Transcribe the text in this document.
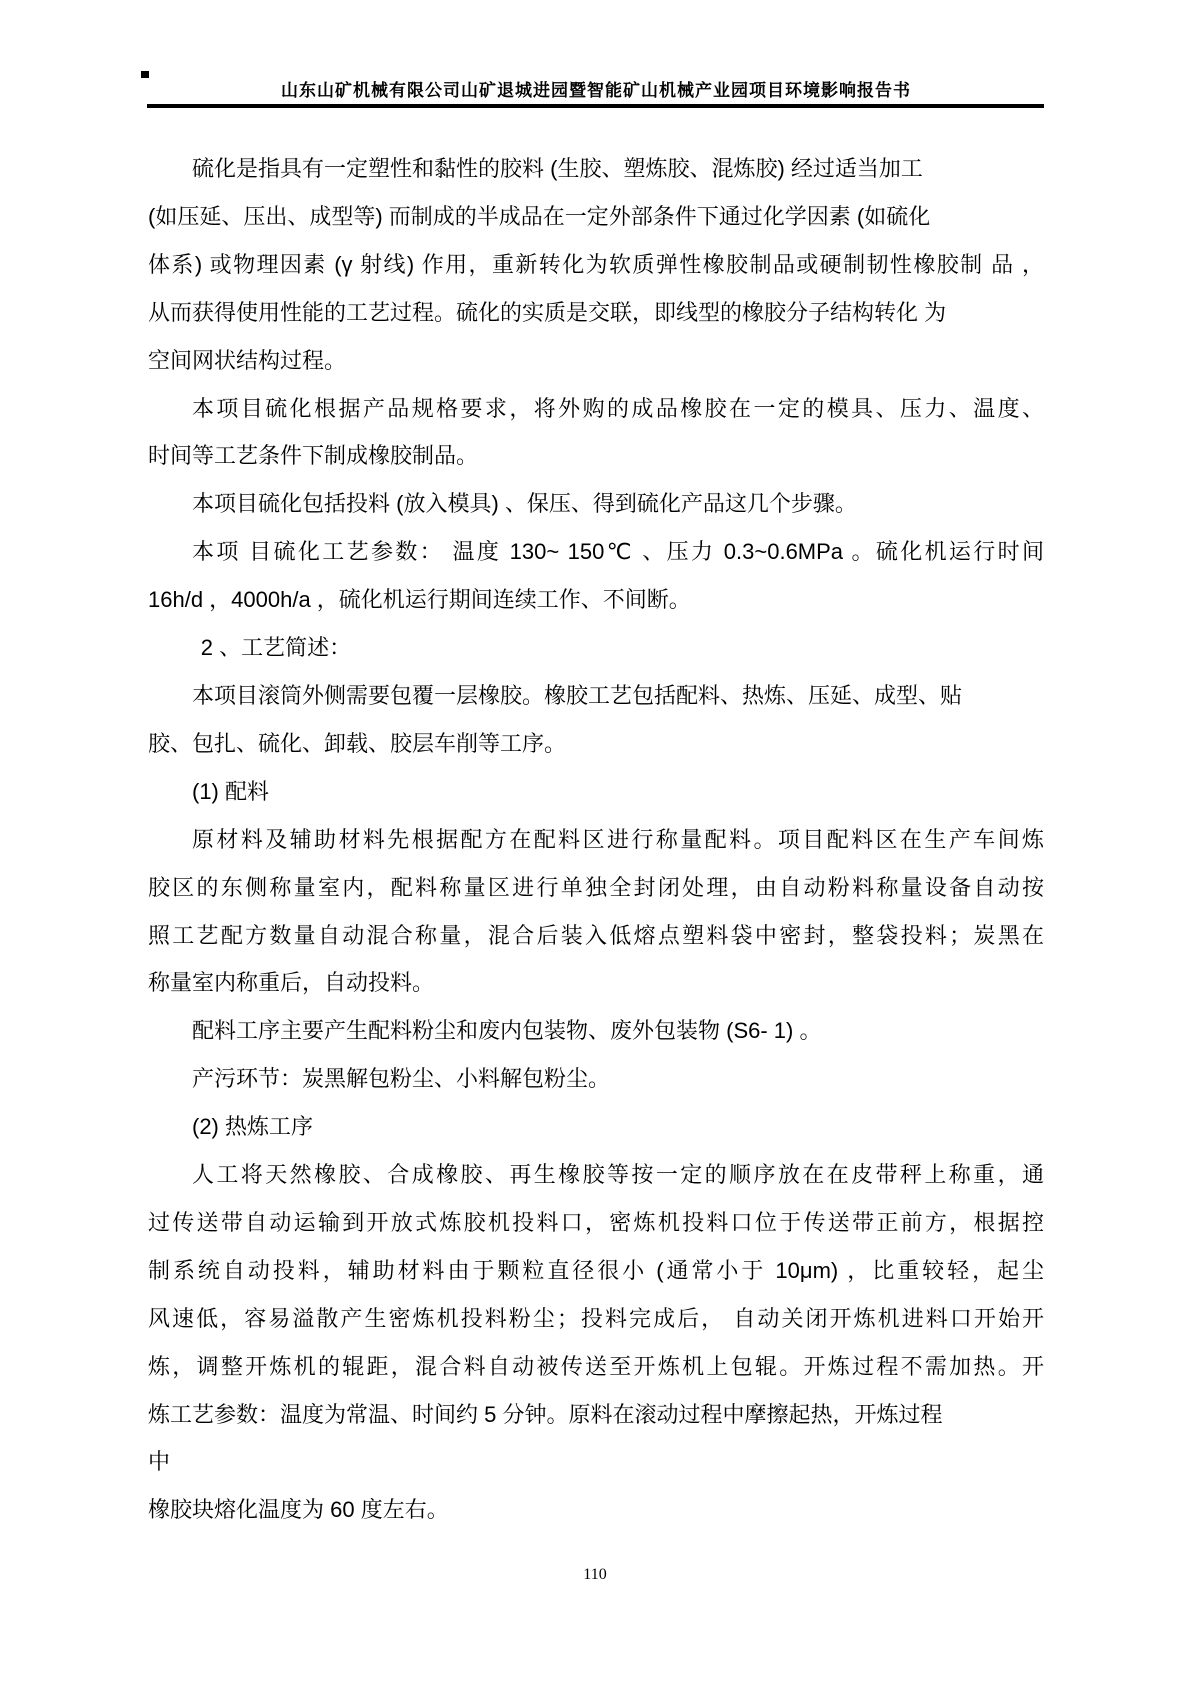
山东山矿机械有限公司山矿退城进园暨智能矿山机械产业园项目环境影响报告书
硫化是指具有一定塑性和黏性的胶料 (生胶、塑炼胶、混炼胶) 经过适当加工
(如压延、压出、成型等) 而制成的半成品在一定外部条件下通过化学因素 (如硫化
体系) 或物理因素 (γ 射线) 作用，重新转化为软质弹性橡胶制品或硬制韧性橡胶制 品 ，
从而获得使用性能的工艺过程。硫化的实质是交联，即线型的橡胶分子结构转化 为
空间网状结构过程。
本项目硫化根据产品规格要求，将外购的成品橡胶在一定的模具、压力、温度、
时间等工艺条件下制成橡胶制品。
本项目硫化包括投料 (放入模具) 、保压、得到硫化产品这几个步骤。
本项 目硫化工艺参数： 温度 130~ 150℃ 、压力 0.3~0.6MPa 。硫化机运行时间
16h/d ，4000h/a ，硫化机运行期间连续工作、不间断。
2 、工艺简述：
本项目滚筒外侧需要包覆一层橡胶。橡胶工艺包括配料、热炼、压延、成型、贴
胶、包扎、硫化、卸载、胶层车削等工序。
(1) 配料
原材料及辅助材料先根据配方在配料区进行称量配料。项目配料区在生产车间炼
胶区的东侧称量室内，配料称量区进行单独全封闭处理，由自动粉料称量设备自动按
照工艺配方数量自动混合称量，混合后装入低熔点塑料袋中密封，整袋投料；炭黑在
称量室内称重后，自动投料。
配料工序主要产生配料粉尘和废内包装物、废外包装物 (S6- 1) 。
产污环节：炭黑解包粉尘、小料解包粉尘。
(2) 热炼工序
人工将天然橡胶、合成橡胶、再生橡胶等按一定的顺序放在在皮带秤上称重，通
过传送带自动运输到开放式炼胶机投料口，密炼机投料口位于传送带正前方，根据控
制系统自动投料，辅助材料由于颗粒直径很小 (通常小于 10μm) ，比重较轻，起尘
风速低，容易溢散产生密炼机投料粉尘；投料完成后， 自动关闭开炼机进料口开始开
炼，调整开炼机的辊距，混合料自动被传送至开炼机上包辊。开炼过程不需加热。开
炼工艺参数：温度为常温、时间约 5 分钟。原料在滚动过程中摩擦起热，开炼过程
中
橡胶块熔化温度为 60 度左右。
110
